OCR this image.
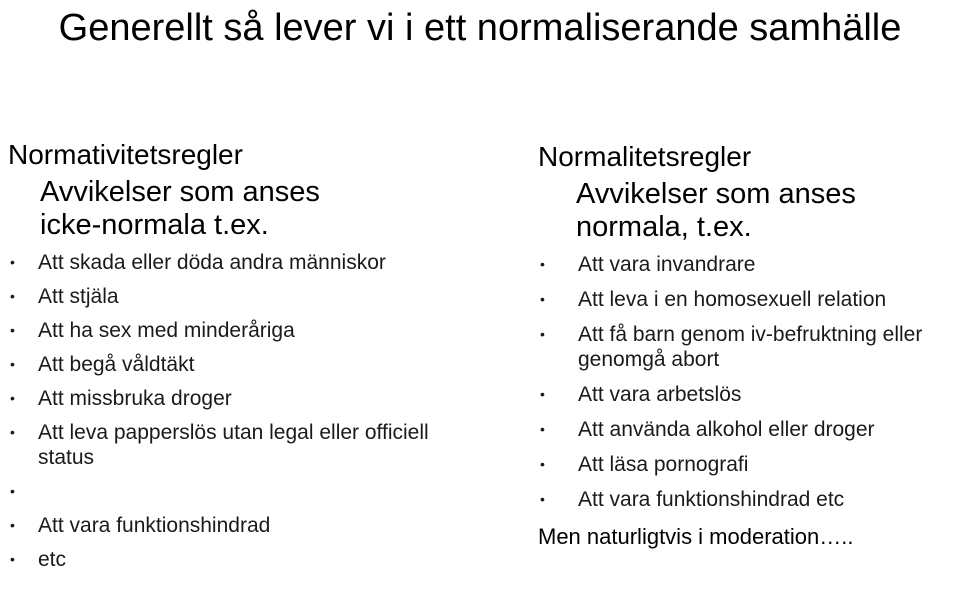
Generellt så lever vi i ett normaliserande samhälle

Normativitetsregler

Avvikelser som anses
icke-normala t.ex.
• Att skada eller döda andra människor
• Att stjäla
• Att ha sex med minderåriga
• Att begå våldtäkt
• Att missbruka droger
• Att leva papperslös utan legal eller officiell status
•
• Att vara funktionshindrad
• etc

Normalitetsregler

Avvikelser som anses
normala, t.ex.
• Att vara invandrare
• Att leva i en homosexuell relation
• Att få barn genom iv-befruktning eller genomgå abort
• Att vara arbetslös
• Att använda alkohol eller droger
• Att läsa pornografi
• Att vara funktionshindrad etc

Men naturligtvis i moderation…..
